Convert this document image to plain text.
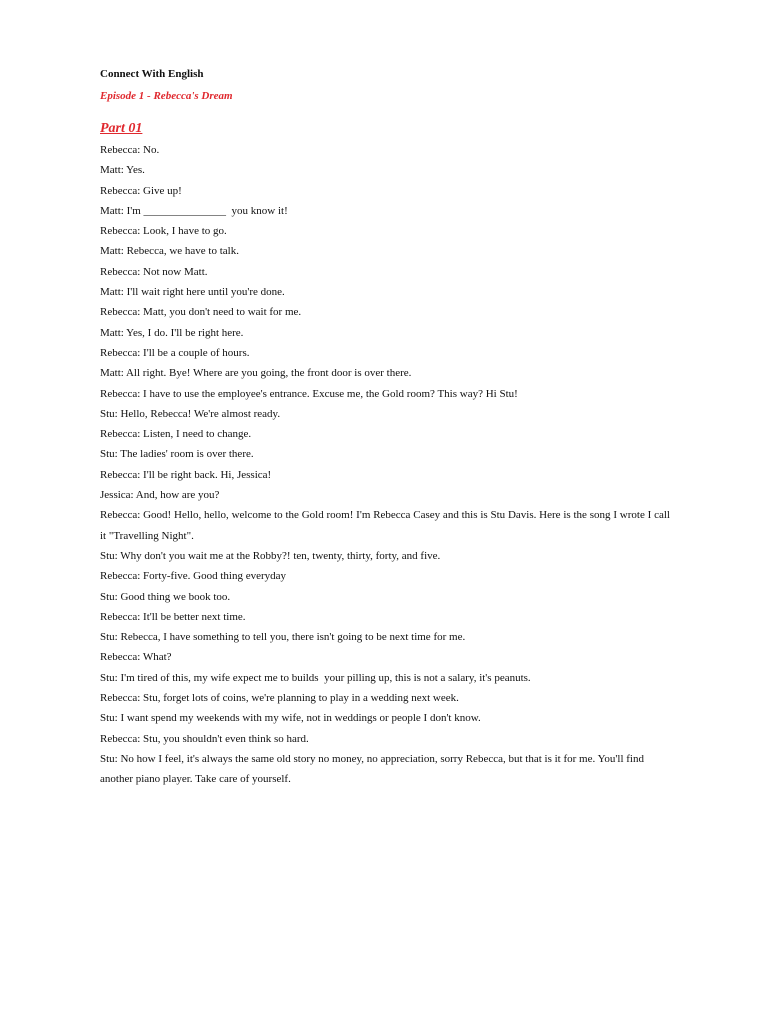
Connect With English

Episode 1 - Rebecca's Dream

Part 01

Rebecca: No.

Matt: Yes.

Rebecca: Give up!

Matt: I'm _______________  you know it!

Rebecca: Look, I have to go.

Matt: Rebecca, we have to talk.

Rebecca: Not now Matt.

Matt: I'll wait right here until you're done.

Rebecca: Matt, you don't need to wait for me.

Matt: Yes, I do. I'll be right here.

Rebecca: I'll be a couple of hours.

Matt: All right. Bye! Where are you going, the front door is over there.

Rebecca: I have to use the employee's entrance. Excuse me, the Gold room? This way? Hi Stu!

Stu: Hello, Rebecca! We're almost ready.

Rebecca: Listen, I need to change.

Stu: The ladies' room is over there.

Rebecca: I'll be right back. Hi, Jessica!

Jessica: And, how are you?

Rebecca: Good! Hello, hello, welcome to the Gold room! I'm Rebecca Casey and this is Stu Davis. Here is the song I wrote I call it "Travelling Night".

Stu: Why don't you wait me at the Robby?! ten, twenty, thirty, forty, and five.

Rebecca: Forty-five. Good thing everyday

Stu: Good thing we book too.

Rebecca: It'll be better next time.

Stu: Rebecca, I have something to tell you, there isn't going to be next time for me.

Rebecca: What?

Stu: I'm tired of this, my wife expect me to builds  your pilling up, this is not a salary, it's peanuts.

Rebecca: Stu, forget lots of coins, we're planning to play in a wedding next week.

Stu: I want spend my weekends with my wife, not in weddings or people I don't know.

Rebecca: Stu, you shouldn't even think so hard.

Stu: No how I feel, it's always the same old story no money, no appreciation, sorry Rebecca, but that is it for me. You'll find another piano player. Take care of yourself.
